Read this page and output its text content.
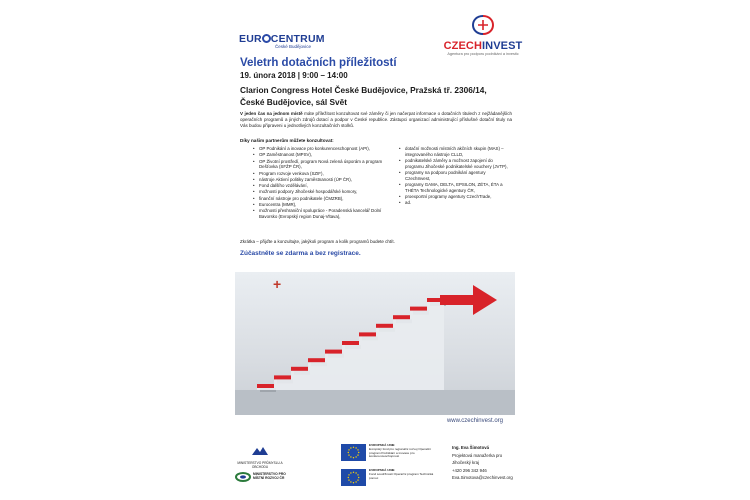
EUR CENTRUM
České Budějovice	CZECHINVEST
Agentura pro podporu podnikání a investic
Veletrh dotačních příležitostí
19. února 2018 | 9:00 – 14:00
Clarion Congress Hotel České Budějovice, Pražská tř. 2306/14, České Budějovice, sál Svět

V jeden čas na jednom místě máte příležitost konzultovat své záměry či jen načerpat informace o dotačních titulech z nejžádanějších operačních programů a jiných zdrojů dotací a podpor v České republice. Zástupci organizací administrující příslušné dotační tituly na Vás budou připraveni u jednotlivých konzultačních stolků.

Díky našim partnerům můžete konzultovat:
• OP Podnikání a inovace pro konkurenceschopnost (API),
• OP Zaměstnanost (MPSV),
• OP Životní prostředí, program Nová zelená úsporám a program Dešťovka (SFŽP ČR),
• Program rozvoje venkova (SZIF),
• nástroje Aktivní politiky zaměstnanosti (ÚP ČR),
• Fond dalšího vzdělávání,
• možnosti podpory Jihočeské hospodářské komory,
• finanční nástroje pro podnikatele (ČMZRB),
• Eurocentra (MMR),
• možnosti přeshraniční spolupráce - Poradenská kancelář Dolní Bavorsko (Evropský region Dunaj-Vltava),
• dotační možnosti místních akčních skupin (MAS) – integrovaného nástroje CLLD,
• podnikatelské záměry a možnost zapojení do programu Jihočeské podnikatelské vouchery (JVTP),
• programy na podporu podnikání agentury CzechInvest,
• programy GAMA, DELTA, EPSILON, ZÉTA, ÉTA a THÉTA Technologické agentury ČR,
• proexportní programy agentury CzechTrade,
• ad.
Zkrátka – přijďte a konzultujte, jakýkoli program a kolik programů budete chtít.
Zúčastněte se zdarma a bez registrace.
+
www.czechinvest.org
MINISTERSTVO PRŮMYSLU A OBCHODU
MINISTERSTVO PRO MÍSTNÍ ROZVOJ ČR
EVROPSKÁ UNIE
Evropský fond pro regionální rozvoj Operační program Podnikání a inovace pro konkurenceschopnost
EVROPSKÁ UNIE
Fond soudržnosti Operační program Technická pomoc
Ing. Eva Šimotová
Projektová manažerka pro
Jihočeský kraj
+420 296 342 946
Eva.Simotova@czechinvest.org
